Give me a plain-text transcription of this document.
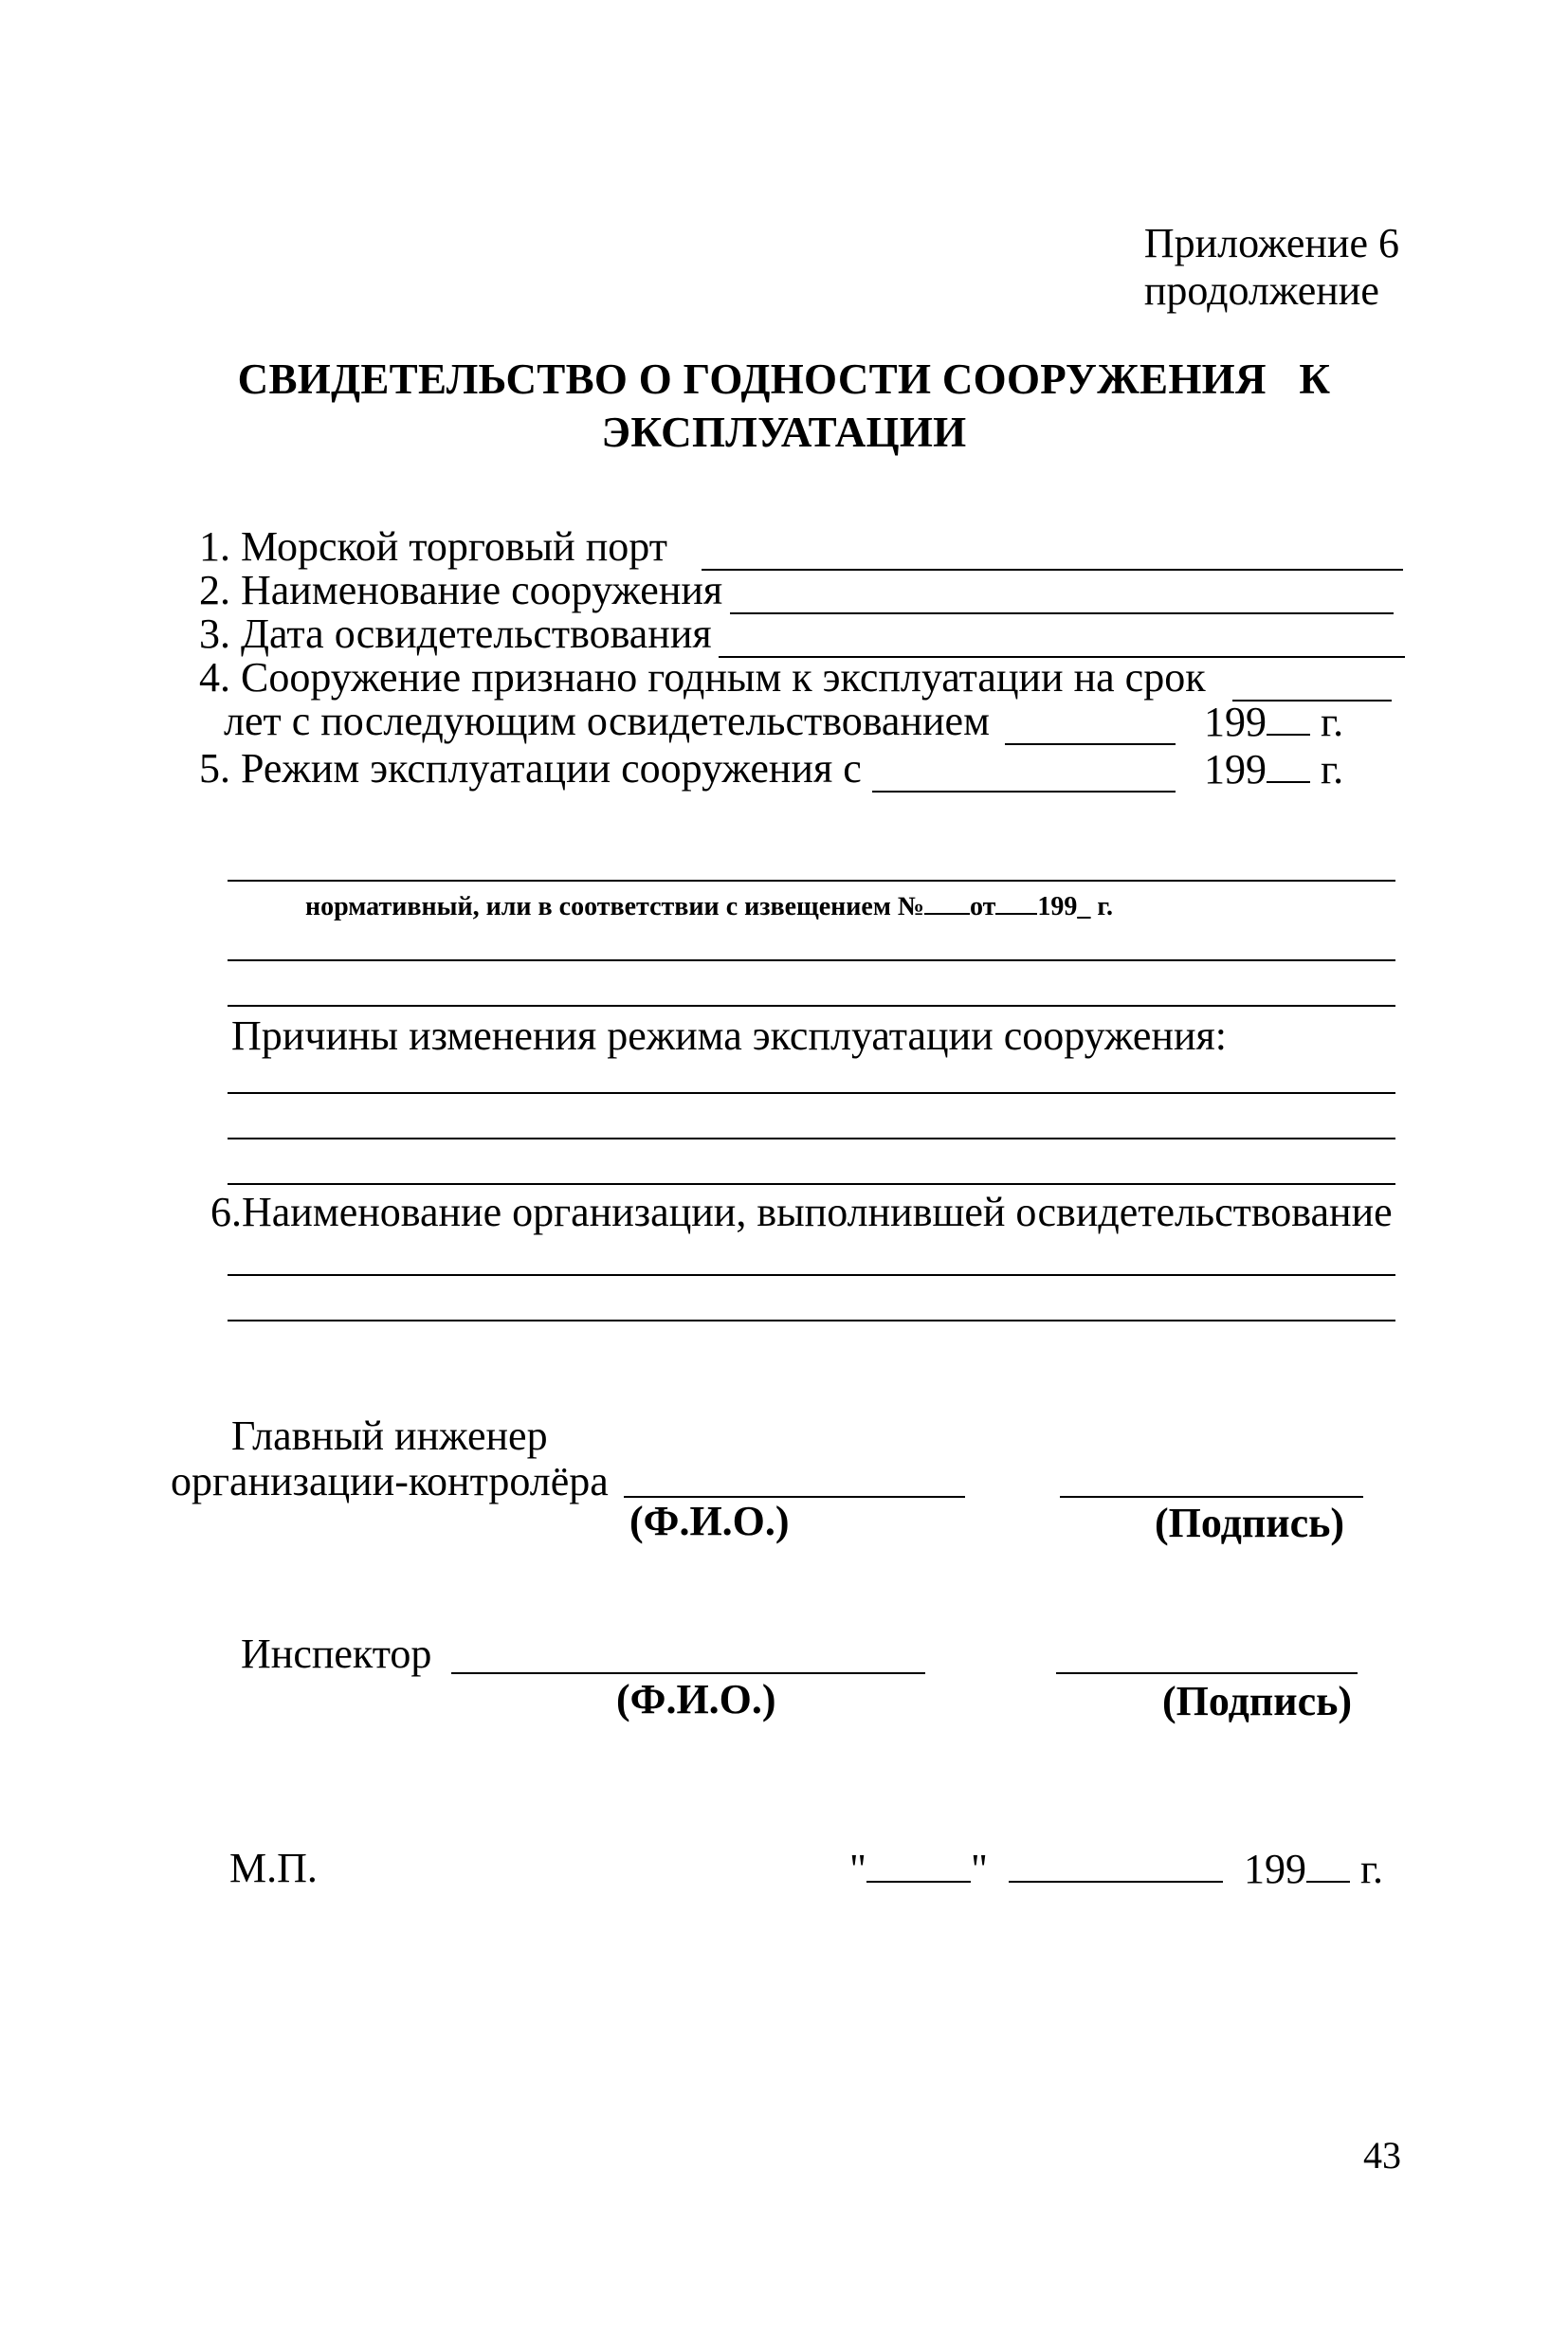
Приложение 6
продолжение
СВИДЕТЕЛЬСТВО О ГОДНОСТИ СООРУЖЕНИЯ   К
ЭКСПЛУАТАЦИИ
1. Морской торговый порт
2. Наименование сооружения
3. Дата освидетельствования
4. Сооружение признано годным к эксплуатации на срок
лет с последующим освидетельствованием	199 г.
5. Режим эксплуатации сооружения с	199 г.
нормативный, или в соответствии с извещением № от 199_ г.
Причины изменения режима эксплуатации сооружения:
6.Наименование организации, выполнившей освидетельствование
Главный инженер
организации-контролёра
(Ф.И.О.)	(Подпись)
Инспектор
(Ф.И.О.)	(Подпись)
М.П.	"	"	199 г.
43
